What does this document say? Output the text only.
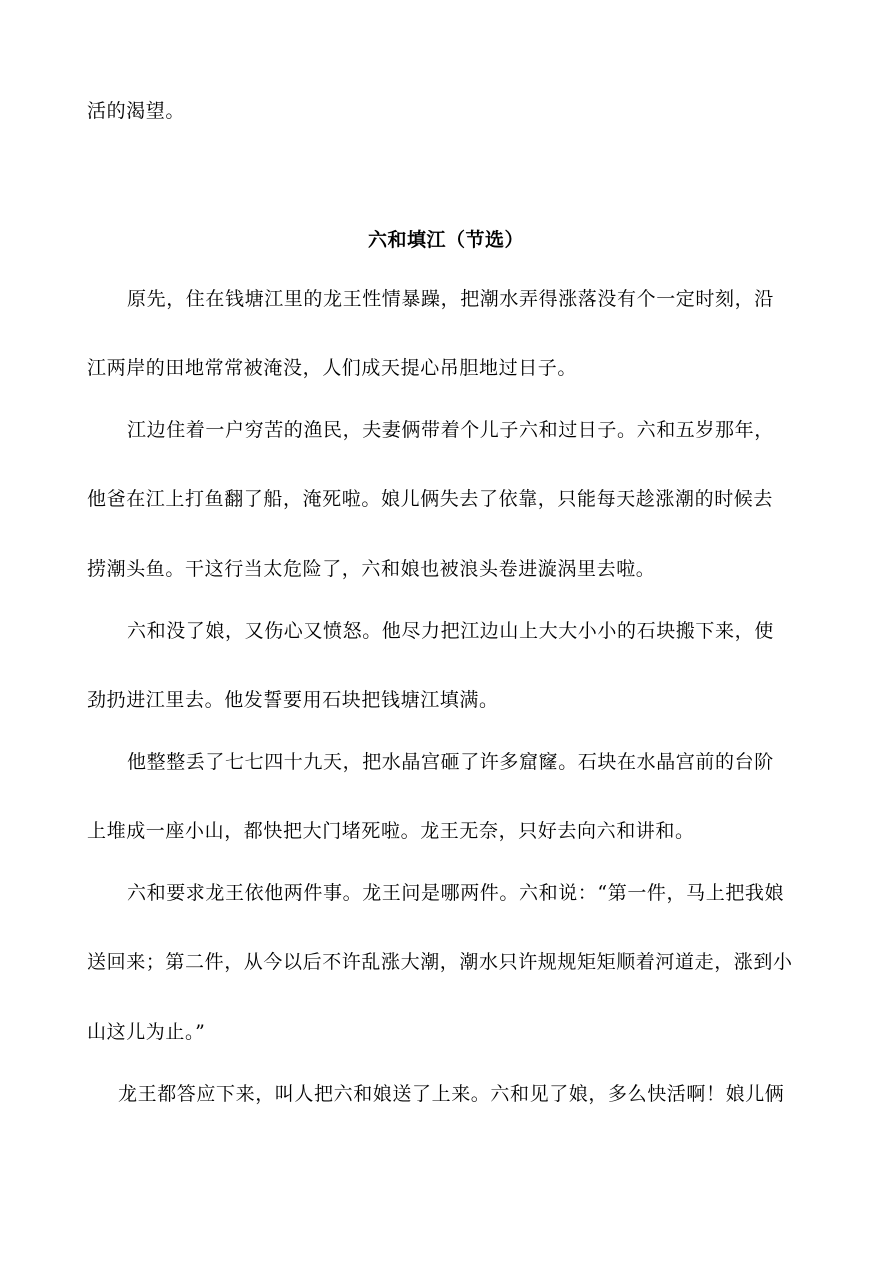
活的渴望。
六和填江（节选）
原先，住在钱塘江里的龙王性情暴躁，把潮水弄得涨落没有个一定时刻，沿
江两岸的田地常常被淹没，人们成天提心吊胆地过日子。
江边住着一户穷苦的渔民，夫妻俩带着个儿子六和过日子。六和五岁那年，
他爸在江上打鱼翻了船，淹死啦。娘儿俩失去了依靠，只能每天趁涨潮的时候去
捞潮头鱼。干这行当太危险了，六和娘也被浪头卷进漩涡里去啦。
六和没了娘，又伤心又愤怒。他尽力把江边山上大大小小的石块搬下来，使
劲扔进江里去。他发誓要用石块把钱塘江填满。
他整整丢了七七四十九天，把水晶宫砸了许多窟窿。石块在水晶宫前的台阶
上堆成一座小山，都快把大门堵死啦。龙王无奈，只好去向六和讲和。
六和要求龙王依他两件事。龙王问是哪两件。六和说：“第一件，马上把我娘
送回来；第二件，从今以后不许乱涨大潮，潮水只许规规矩矩顺着河道走，涨到小
山这儿为止。”
龙王都答应下来，叫人把六和娘送了上来。六和见了娘，多么快活啊！娘儿俩
